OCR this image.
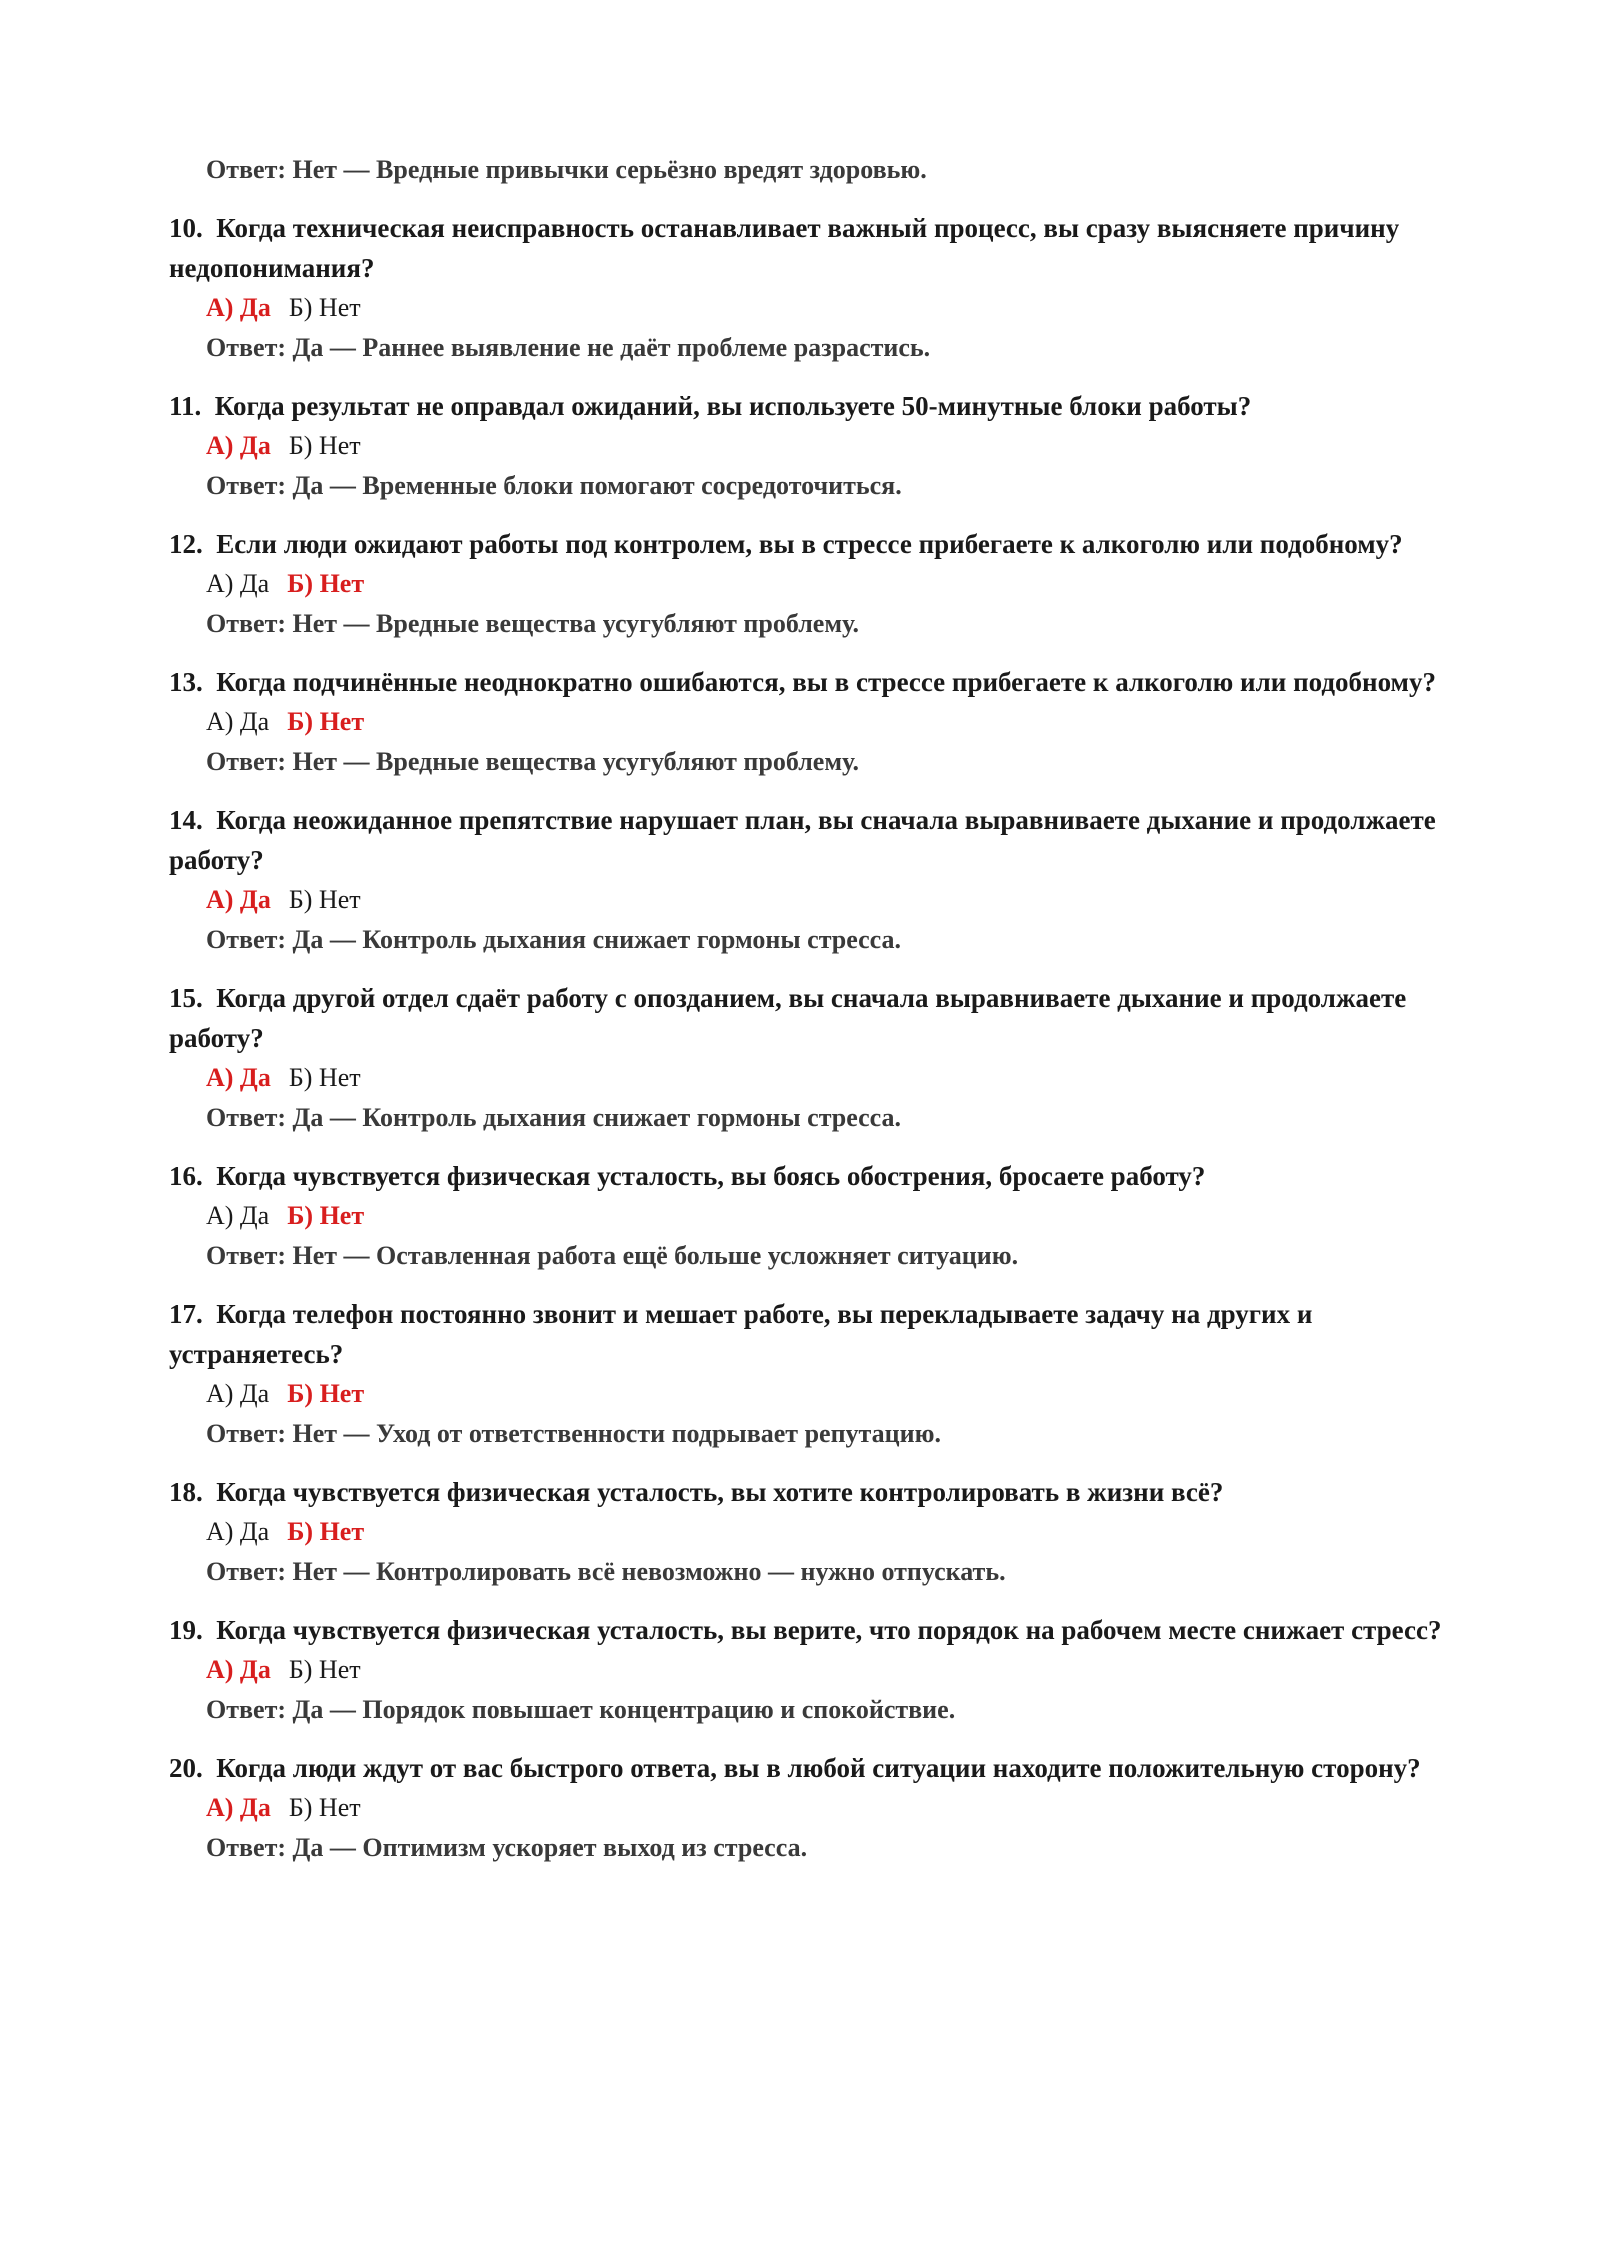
Ответ: Нет — Вредные привычки серьёзно вредят здоровью.
10. Когда техническая неисправность останавливает важный процесс, вы сразу выясняете причину недопонимания?
А) Да Б) Нет
Ответ: Да — Раннее выявление не даёт проблеме разрастись.
11. Когда результат не оправдал ожиданий, вы используете 50-минутные блоки работы?
А) Да Б) Нет
Ответ: Да — Временные блоки помогают сосредоточиться.
12. Если люди ожидают работы под контролем, вы в стрессе прибегаете к алкоголю или подобному?
А) Да Б) Нет
Ответ: Нет — Вредные вещества усугубляют проблему.
13. Когда подчинённые неоднократно ошибаются, вы в стрессе прибегаете к алкоголю или подобному?
А) Да Б) Нет
Ответ: Нет — Вредные вещества усугубляют проблему.
14. Когда неожиданное препятствие нарушает план, вы сначала выравниваете дыхание и продолжаете работу?
А) Да Б) Нет
Ответ: Да — Контроль дыхания снижает гормоны стресса.
15. Когда другой отдел сдаёт работу с опозданием, вы сначала выравниваете дыхание и продолжаете работу?
А) Да Б) Нет
Ответ: Да — Контроль дыхания снижает гормоны стресса.
16. Когда чувствуется физическая усталость, вы боясь обострения, бросаете работу?
А) Да Б) Нет
Ответ: Нет — Оставленная работа ещё больше усложняет ситуацию.
17. Когда телефон постоянно звонит и мешает работе, вы перекладываете задачу на других и устраняетесь?
А) Да Б) Нет
Ответ: Нет — Уход от ответственности подрывает репутацию.
18. Когда чувствуется физическая усталость, вы хотите контролировать в жизни всё?
А) Да Б) Нет
Ответ: Нет — Контролировать всё невозможно — нужно отпускать.
19. Когда чувствуется физическая усталость, вы верите, что порядок на рабочем месте снижает стресс?
А) Да Б) Нет
Ответ: Да — Порядок повышает концентрацию и спокойствие.
20. Когда люди ждут от вас быстрого ответа, вы в любой ситуации находите положительную сторону?
А) Да Б) Нет
Ответ: Да — Оптимизм ускоряет выход из стресса.
